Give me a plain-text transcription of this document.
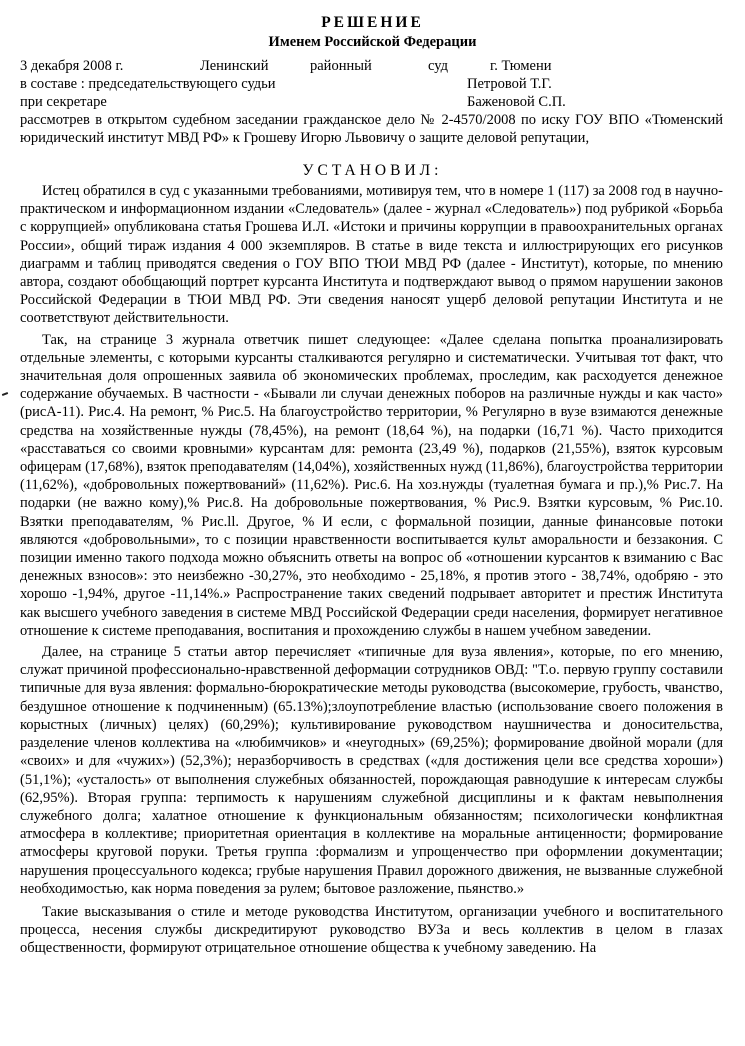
РЕШЕНИЕ
Именем Российской Федерации
3 декабря 2008 г.	Ленинский	районный	суд	г. Тюмени
в составе : председательствующего судьи	Петровой Т.Г.
при секретаре	Баженовой С.П.

рассмотрев в открытом судебном заседании гражданское дело № 2-4570/2008 по иску ГОУ ВПО «Тюменский юридический институт МВД РФ» к Грошеву Игорю Львовичу о защите деловой репутации,

УСТАНОВИЛ:

Истец обратился в суд с указанными требованиями, мотивируя тем, что в номере 1 (117) за 2008 год в научно-практическом и информационном издании «Следователь» (далее - журнал «Следователь») под рубрикой «Борьба с коррупцией» опубликована статья Грошева И.Л. «Истоки и причины коррупции в правоохранительных органах России», общий тираж издания 4 000 экземпляров. В статье в виде текста и иллюстрирующих его рисунков диаграмм и таблиц приводятся сведения о ГОУ ВПО ТЮИ МВД РФ (далее - Институт), которые, по мнению автора, создают обобщающий портрет курсанта Института и подтверждают вывод о прямом нарушении законов Российской Федерации в ТЮИ МВД РФ. Эти сведения наносят ущерб деловой репутации Института и не соответствуют действительности.

Так, на странице 3 журнала ответчик пишет следующее: «Далее сделана попытка проанализировать отдельные элементы, с которыми курсанты сталкиваются регулярно и систематически. Учитывая тот факт, что значительная доля опрошенных заявила об экономических проблемах, проследим, как расходуется денежное содержание обучаемых. В частности - «Бывали ли случаи денежных поборов на различные нужды и как часто» (рисА-11). Рис.4. На ремонт, % Рис.5. На благоустройство территории, % Регулярно в вузе взимаются денежные средства на хозяйственные нужды (78,45%), на ремонт (18,64 %), на подарки (16,71 %). Часто приходится «расставаться со своими кровными» курсантам для: ремонта (23,49 %), подарков (21,55%), взяток курсовым офицерам (17,68%), взяток преподавателям (14,04%), хозяйственных нужд (11,86%), благоустройства территории (11,62%), «добровольных пожертвований» (11,62%). Рис.6. На хоз.нужды (туалетная бумага и пр.),% Рис.7. На подарки (не важно кому),% Рис.8. На добровольные пожертвования, % Рис.9. Взятки курсовым, % Рис.10. Взятки преподавателям, % Рис.ll. Другое, % И если, с формальной позиции, данные финансовые потоки являются «добровольными», то с позиции нравственности воспитывается культ аморальности и беззакония. С позиции именно такого подхода можно объяснить ответы на вопрос об «отношении курсантов к взиманию с Вас денежных взносов»: это неизбежно -30,27%, это необходимо - 25,18%, я против этого - 38,74%, одобряю - это хорошо -1,94%, другое -11,14%.» Распространение таких сведений подрывает авторитет и престиж Института как высшего учебного заведения в системе МВД Российской Федерации среди населения, формирует негативное отношение к системе преподавания, воспитания и прохождению службы в нашем учебном заведении.

Далее, на странице 5 статьи автор перечисляет «типичные для вуза явления», которые, по его мнению, служат причиной профессионально-нравственной деформации сотрудников ОВД: "Т.о. первую группу составили типичные для вуза явления: формально-бюрократические методы руководства (высокомерие, грубость, чванство, бездушное отношение к подчиненным) (65.13%);злоупотребление властью (использование своего положения в корыстных (личных) целях) (60,29%); культивирование руководством наушничества и доносительства, разделение членов коллектива на «любимчиков» и «неугодных» (69,25%); формирование двойной морали (для «своих» и для «чужих») (52,3%); неразборчивость в средствах («для достижения цели все средства хороши») (51,1%); «усталость» от выполнения служебных обязанностей, порождающая равнодушие к интересам службы (62,95%). Вторая группа: терпимость к нарушениям служебной дисциплины и к фактам невыполнения служебного долга; халатное отношение к функциональным обязанностям; психологически конфликтная атмосфера в коллективе; приоритетная ориентация в коллективе на моральные антиценности; формирование атмосферы круговой поруки. Третья группа :формализм и упрощенчество при оформлении документации; нарушения процессуального кодекса; грубые нарушения Правил дорожного движения, не вызванные служебной необходимостью, как норма поведения за рулем; бытовое разложение, пьянство.»

Такие высказывания о стиле и методе руководства Институтом, организации учебного и воспитательного процесса, несения службы дискредитируют руководство ВУЗа и весь коллектив в целом в глазах общественности, формируют отрицательное отношение общества к учебному заведению. На
